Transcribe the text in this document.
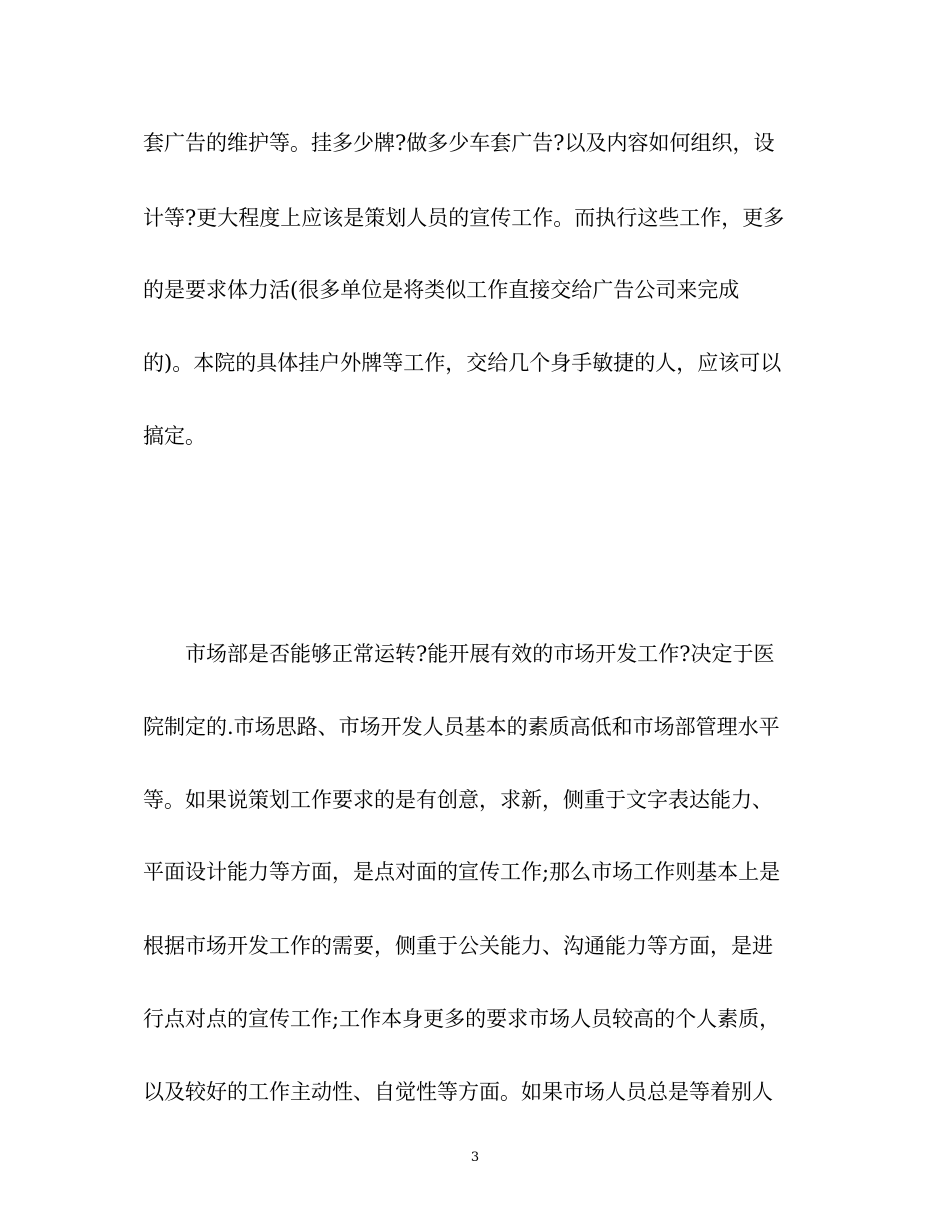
套广告的维护等。挂多少牌?做多少车套广告?以及内容如何组织，设
计等?更大程度上应该是策划人员的宣传工作。而执行这些工作，更多
的是要求体力活(很多单位是将类似工作直接交给广告公司来完成
的)。本院的具体挂户外牌等工作，交给几个身手敏捷的人，应该可以
搞定。
市场部是否能够正常运转?能开展有效的市场开发工作?决定于医
院制定的.市场思路、市场开发人员基本的素质高低和市场部管理水平
等。如果说策划工作要求的是有创意，求新，侧重于文字表达能力、
平面设计能力等方面，是点对面的宣传工作;那么市场工作则基本上是
根据市场开发工作的需要，侧重于公关能力、沟通能力等方面，是进
行点对点的宣传工作;工作本身更多的要求市场人员较高的个人素质，
以及较好的工作主动性、自觉性等方面。如果市场人员总是等着别人
3
